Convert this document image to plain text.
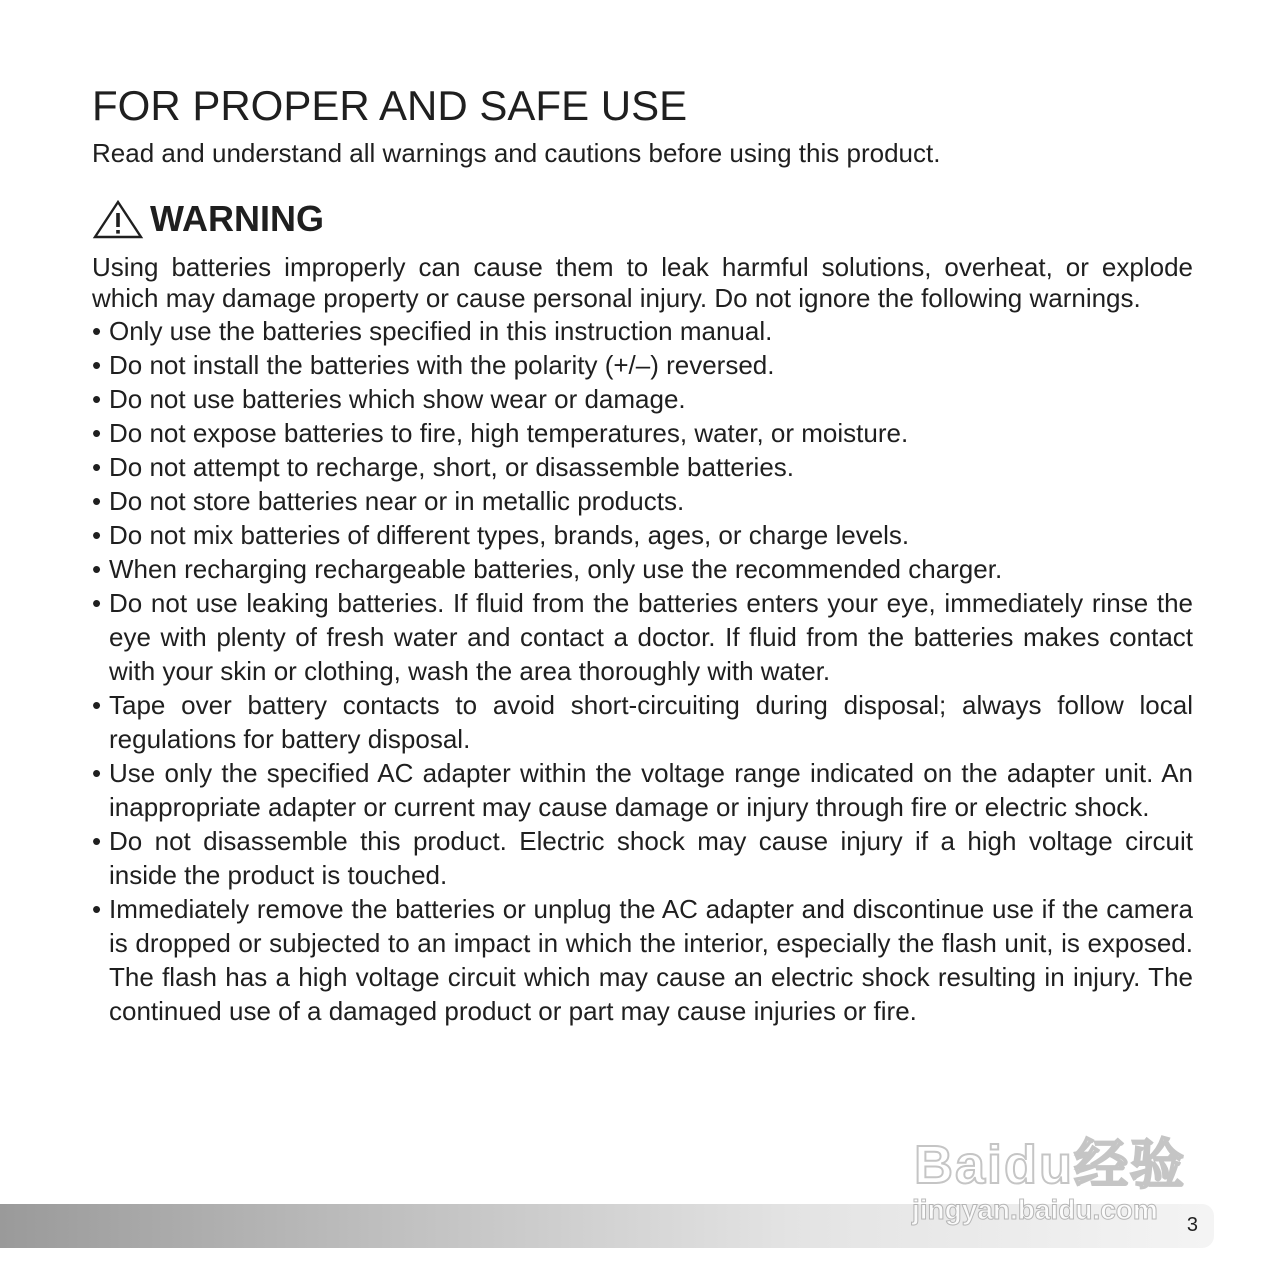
FOR PROPER AND SAFE USE

Read and understand all warnings and cautions before using this product.

WARNING

Using batteries improperly can cause them to leak harmful solutions, overheat, or explode which may damage property or cause personal injury. Do not ignore the following warnings.

• Only use the batteries specified in this instruction manual.
• Do not install the batteries with the polarity (+/–) reversed.
• Do not use batteries which show wear or damage.
• Do not expose batteries to fire, high temperatures, water, or moisture.
• Do not attempt to recharge, short, or disassemble batteries.
• Do not store batteries near or in metallic products.
• Do not mix batteries of different types, brands, ages, or charge levels.
• When recharging rechargeable batteries, only use the recommended charger.
• Do not use leaking batteries. If fluid from the batteries enters your eye, immediately rinse the eye with plenty of fresh water and contact a doctor. If fluid from the batteries makes contact with your skin or clothing, wash the area thoroughly with water.
• Tape over battery contacts to avoid short-circuiting during disposal; always follow local regulations for battery disposal.
• Use only the specified AC adapter within the voltage range indicated on the adapter unit. An inappropriate adapter or current may cause damage or injury through fire or electric shock.
• Do not disassemble this product. Electric shock may cause injury if a high voltage circuit inside the product is touched.
• Immediately remove the batteries or unplug the AC adapter and discontinue use if the camera is dropped or subjected to an impact in which the interior, especially the flash unit, is exposed. The flash has a high voltage circuit which may cause an electric shock resulting in injury. The continued use of a damaged product or part may cause injuries or fire.
3
Baidu经验
jingyan.baidu.com
